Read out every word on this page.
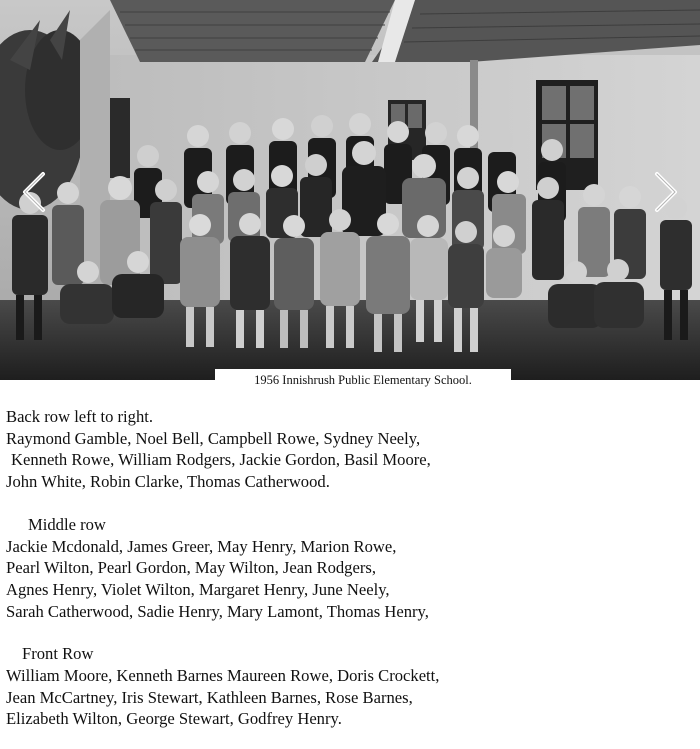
1956 Innishrush Public Elementary School.
Back row left to right.
Raymond Gamble, Noel Bell, Campbell Rowe, Sydney Neely,
Kenneth Rowe, William Rodgers, Jackie Gordon, Basil Moore,
John White, Robin Clarke, Thomas Catherwood.
Middle row
Jackie Mcdonald, James Greer, May Henry, Marion Rowe,
Pearl Wilton, Pearl Gordon, May Wilton, Jean Rodgers,
Agnes Henry, Violet Wilton, Margaret Henry, June Neely,
Sarah Catherwood, Sadie Henry, Mary Lamont, Thomas Henry,
Front Row
William Moore, Kenneth Barnes Maureen Rowe, Doris Crockett,
Jean McCartney, Iris Stewart, Kathleen Barnes, Rose Barnes,
Elizabeth Wilton, George Stewart, Godfrey Henry.
